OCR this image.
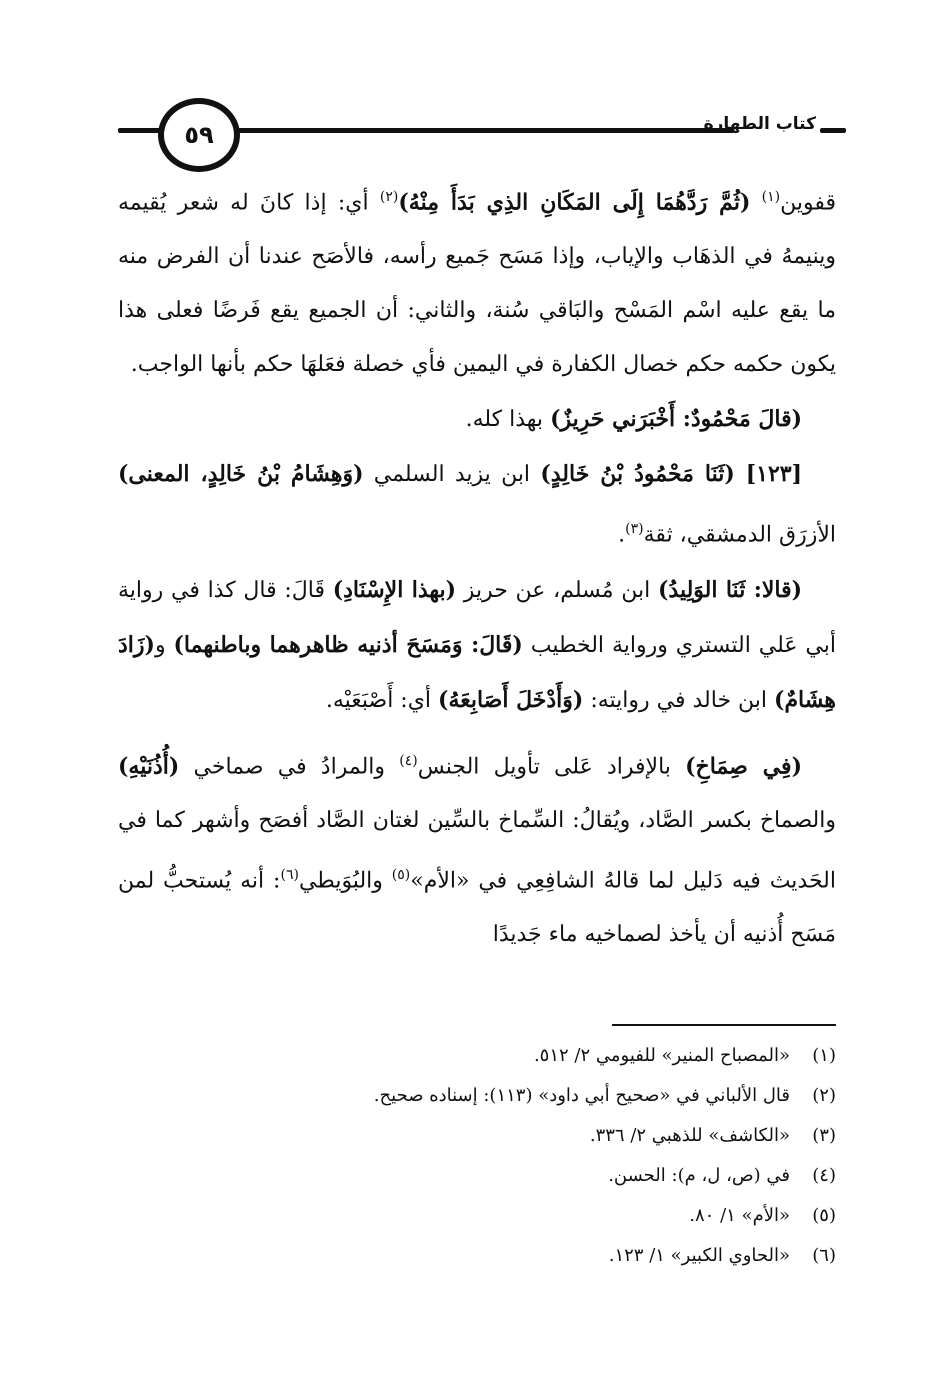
٥٩	كتاب الطهارة

قفوين$^{(١)}$ (ثُمَّ رَدَّهُمَا إِلَى المَكَانِ الذِي بَدَأَ مِنْهُ)$^{(٢)}$ أي: إذا كانَ له شعر يُقيمه وينيمهُ في الذهَاب والإياب، وإذا مَسَح جَميع رأسه، فالأصَح عندنا أن الفرض منه ما يقع عليه اسْم المَسْح والبَاقي سُنة، والثاني: أن الجميع يقع فَرضًا فعلى هذا يكون حكمه حكم خصال الكفارة في اليمين فأي خصلة فعَلهَا حكم بأنها الواجب.

(قالَ مَحْمُودٌ: أَخْبَرَني حَرِيزٌ) بهذا كله.

[١٢٣] (ثَنَا مَحْمُودُ بْنُ خَالِدٍ) ابن يزيد السلمي (وَهِشَامُ بْنُ خَالِدٍ، المعنى) الأزرَق الدمشقي، ثقة$^{(٣)}$.

(قالا: ثَنَا الوَلِيدُ) ابن مُسلم، عن حريز (بهذا الإِسْنَادِ) قَالَ: قال كذا في رواية أبي عَلي التستري ورواية الخطيب (قَالَ: وَمَسَحَ أذنيه ظاهرهما وباطنهما) و(زَادَ هِشَامٌ) ابن خالد في روايته: (وَأَدْخَلَ أَصَابِعَهُ) أي: أَصْبَعَيْه.

(فِي صِمَاخِ) بالإفراد عَلى تأويل الجنس$^{(٤)}$ والمرادُ في صماخي (أُذُنَيْهِ) والصماخ بكسر الصَّاد، ويُقالُ: السِّماخ بالسِّين لغتان الصَّاد أفصَح وأشهر كما في الحَديث فيه دَليل لما قالهُ الشافِعِي في «الأم»$^{(٥)}$ والبُوَيطي$^{(٦)}$: أنه يُستحبُّ لمن مَسَح أُذنيه أن يأخذ لصماخيه ماء جَديدًا

(١)
«المصباح المنير» للفيومي ٢/ ٥١٢.
(٢)
قال الألباني في «صحيح أبي داود» (١١٣): إسناده صحيح.
(٣)
«الكاشف» للذهبي ٢/ ٣٣٦.
(٤)
في (ص، ل، م): الحسن.
(٥)
«الأم» ١/ ٨٠.
(٦)
«الحاوي الكبير» ١/ ١٢٣.
